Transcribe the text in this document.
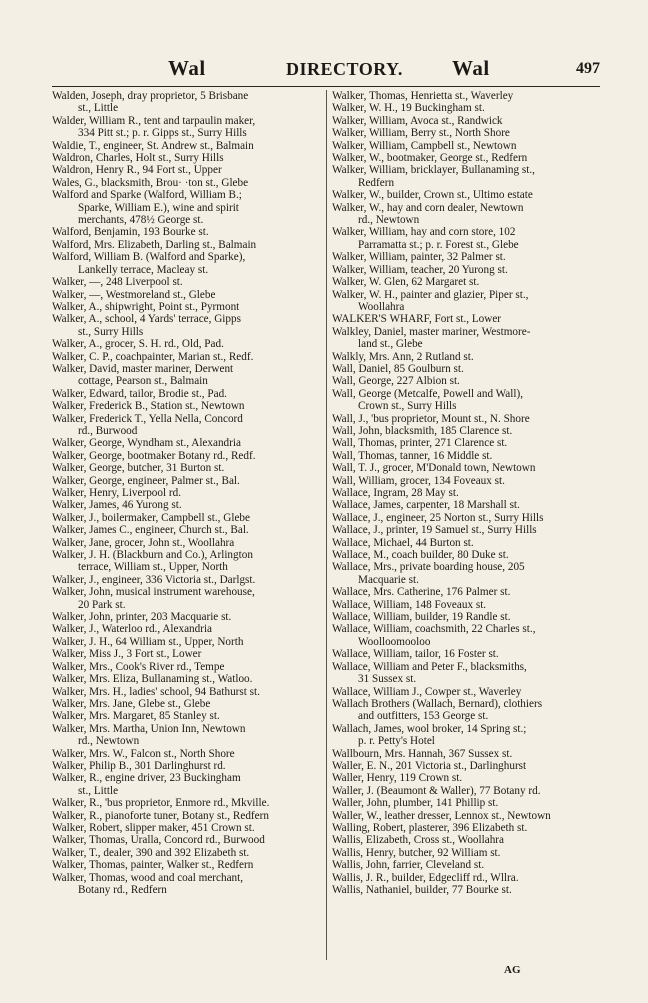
Wal	DIRECTORY. Wal	497
Walden, Joseph, dray proprietor, 5 Brisbane
st., Little
Walder, William R., tent and tarpaulin maker,
334 Pitt st.; p. r. Gipps st., Surry Hills
Waldie, T., engineer, St. Andrew st., Balmain
Waldron, Charles, Holt st., Surry Hills
Waldron, Henry R., 94 Fort st., Upper
Wales, G., blacksmith, Brou· ·ton st., Glebe
Walford and Sparke (Walford, William B.;
Sparke, William E.), wine and spirit
merchants, 478½ George st.
Walford, Benjamin, 193 Bourke st.
Walford, Mrs. Elizabeth, Darling st., Balmain
Walford, William B. (Walford and Sparke),
Lankelly terrace, Macleay st.
Walker, —, 248 Liverpool st.
Walker, —, Westmoreland st., Glebe
Walker, A., shipwright, Point st., Pyrmont
Walker, A., school, 4 Yards' terrace, Gipps
st., Surry Hills
Walker, A., grocer, S. H. rd., Old, Pad.
Walker, C. P., coachpainter, Marian st., Redf.
Walker, David, master mariner, Derwent
cottage, Pearson st., Balmain
Walker, Edward, tailor, Brodie st., Pad.
Walker, Frederick B., Station st., Newtown
Walker, Frederick T., Yella Nella, Concord
rd., Burwood
Walker, George, Wyndham st., Alexandria
Walker, George, bootmaker Botany rd., Redf.
Walker, George, butcher, 31 Burton st.
Walker, George, engineer, Palmer st., Bal.
Walker, Henry, Liverpool rd.
Walker, James, 46 Yurong st.
Walker, J., boilermaker, Campbell st., Glebe
Walker, James C., engineer, Church st., Bal.
Walker, Jane, grocer, John st., Woollahra
Walker, J. H. (Blackburn and Co.), Arlington
terrace, William st., Upper, North
Walker, J., engineer, 336 Victoria st., Darlgst.
Walker, John, musical instrument warehouse,
20 Park st.
Walker, John, printer, 203 Macquarie st.
Walker, J., Waterloo rd., Alexandria
Walker, J. H., 64 William st., Upper, North
Walker, Miss J., 3 Fort st., Lower
Walker, Mrs., Cook's River rd., Tempe
Walker, Mrs. Eliza, Bullanaming st., Watloo.
Walker, Mrs. H., ladies' school, 94 Bathurst st.
Walker, Mrs. Jane, Glebe st., Glebe
Walker, Mrs. Margaret, 85 Stanley st.
Walker, Mrs. Martha, Union Inn, Newtown
rd., Newtown
Walker, Mrs. W., Falcon st., North Shore
Walker, Philip B., 301 Darlinghurst rd.
Walker, R., engine driver, 23 Buckingham
st., Little
Walker, R., 'bus proprietor, Enmore rd., Mkville.
Walker, R., pianoforte tuner, Botany st., Redfern
Walker, Robert, slipper maker, 451 Crown st.
Walker, Thomas, Uralla, Concord rd., Burwood
Walker, T., dealer, 390 and 392 Elizabeth st.
Walker, Thomas, painter, Walker st., Redfern
Walker, Thomas, wood and coal merchant,
Botany rd., Redfern
Walker, Thomas, Henrietta st., Waverley
Walker, W. H., 19 Buckingham st.
Walker, William, Avoca st., Randwick
Walker, William, Berry st., North Shore
Walker, William, Campbell st., Newtown
Walker, W., bootmaker, George st., Redfern
Walker, William, bricklayer, Bullanaming st.,
Redfern
Walker, W., builder, Crown st., Ultimo estate
Walker, W., hay and corn dealer, Newtown
rd., Newtown
Walker, William, hay and corn store, 102
Parramatta st.; p. r. Forest st., Glebe
Walker, William, painter, 32 Palmer st.
Walker, William, teacher, 20 Yurong st.
Walker, W. Glen, 62 Margaret st.
Walker, W. H., painter and glazier, Piper st.,
Woollahra
WALKER'S WHARF, Fort st., Lower
Walkley, Daniel, master mariner, Westmore-
land st., Glebe
Walkly, Mrs. Ann, 2 Rutland st.
Wall, Daniel, 85 Goulburn st.
Wall, George, 227 Albion st.
Wall, George (Metcalfe, Powell and Wall),
Crown st., Surry Hills
Wall, J., 'bus proprietor, Mount st., N. Shore
Wall, John, blacksmith, 185 Clarence st.
Wall, Thomas, printer, 271 Clarence st.
Wall, Thomas, tanner, 16 Middle st.
Wall, T. J., grocer, M'Donald town, Newtown
Wall, William, grocer, 134 Foveaux st.
Wallace, Ingram, 28 May st.
Wallace, James, carpenter, 18 Marshall st.
Wallace, J., engineer, 25 Norton st., Surry Hills
Wallace, J., printer, 19 Samuel st., Surry Hills
Wallace, Michael, 44 Burton st.
Wallace, M., coach builder, 80 Duke st.
Wallace, Mrs., private boarding house, 205
Macquarie st.
Wallace, Mrs. Catherine, 176 Palmer st.
Wallace, William, 148 Foveaux st.
Wallace, William, builder, 19 Randle st.
Wallace, William, coachsmith, 22 Charles st.,
Woolloomooloo
Wallace, William, tailor, 16 Foster st.
Wallace, William and Peter F., blacksmiths,
31 Sussex st.
Wallace, William J., Cowper st., Waverley
Wallach Brothers (Wallach, Bernard), clothiers
and outfitters, 153 George st.
Wallach, James, wool broker, 14 Spring st.;
p. r. Petty's Hotel
Wallbourn, Mrs. Hannah, 367 Sussex st.
Waller, E. N., 201 Victoria st., Darlinghurst
Waller, Henry, 119 Crown st.
Waller, J. (Beaumont & Waller), 77 Botany rd.
Waller, John, plumber, 141 Phillip st.
Waller, W., leather dresser, Lennox st., Newtown
Walling, Robert, plasterer, 396 Elizabeth st.
Wallis, Elizabeth, Cross st., Woollahra
Wallis, Henry, butcher, 92 William st.
Wallis, John, farrier, Cleveland st.
Wallis, J. R., builder, Edgecliff rd., Wllra.
Wallis, Nathaniel, builder, 77 Bourke st.
AG
